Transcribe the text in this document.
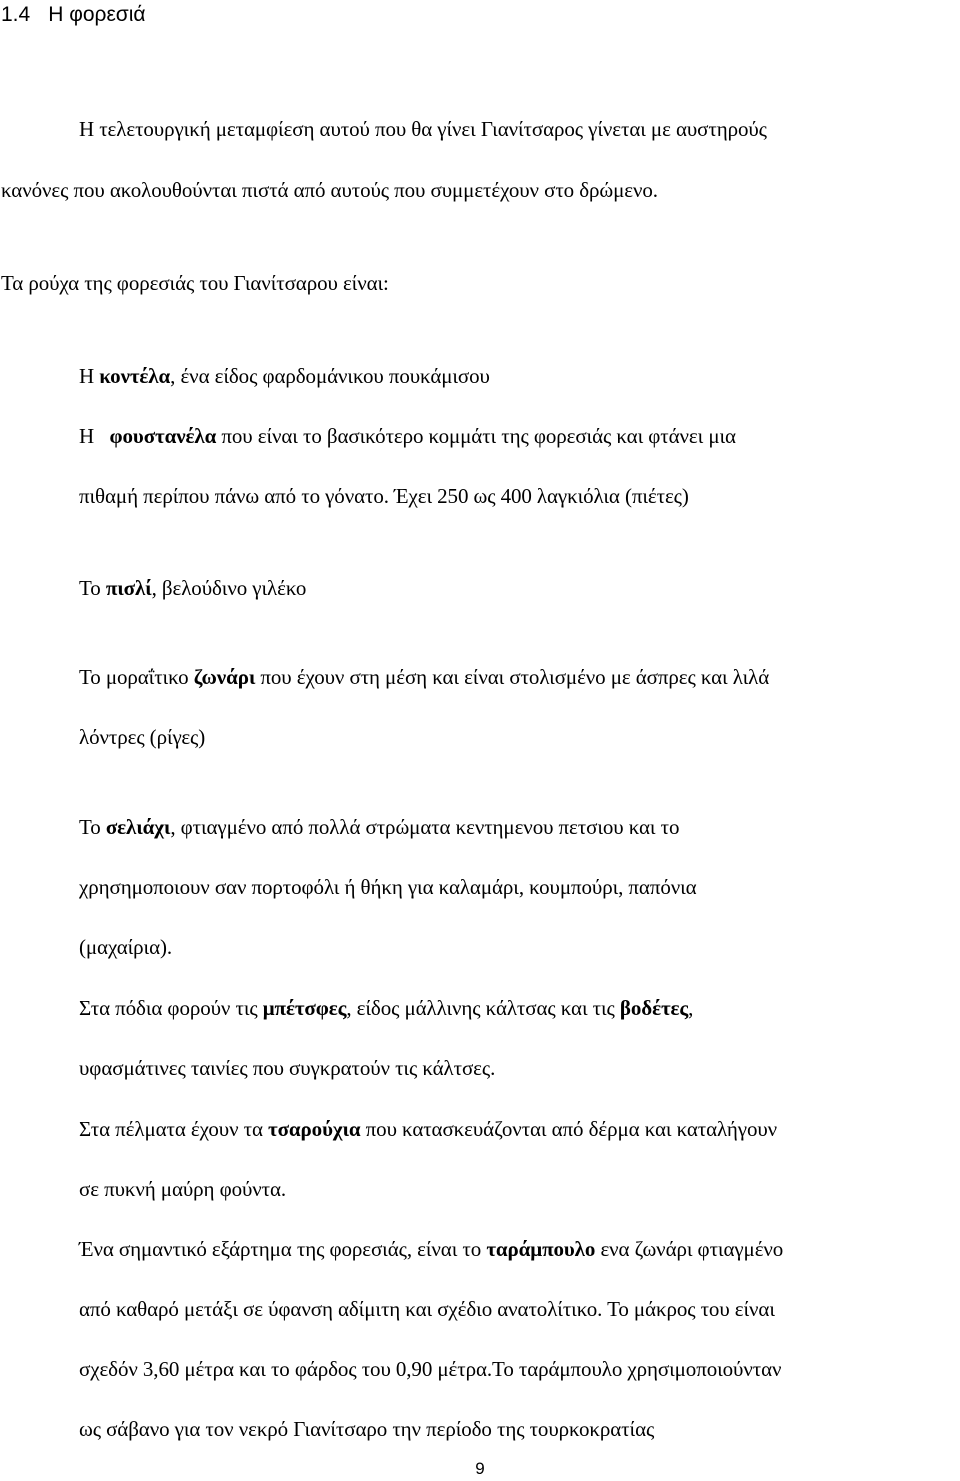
1.4 Η φορεσιά
Η τελετουργική μεταμφίεση αυτού που θα γίνει Γιανίτσαρος γίνεται με αυστηρούς
κανόνες που ακολουθούνται πιστά από αυτούς που συμμετέχουν στο δρώμενο.
Τα ρούχα της φορεσιάς του Γιανίτσαρου είναι:
Η κοντέλα, ένα είδος φαρδομάνικου πουκάμισου
Η   φουστανέλα που είναι το βασικότερο κομμάτι της φορεσιάς και φτάνει μια
πιθαμή περίπου πάνω από το γόνατο. Έχει 250 ως 400 λαγκιόλια (πιέτες)
Το πισλί, βελούδινο γιλέκο
Το μοραΐτικο ζωνάρι που έχουν στη μέση και είναι στολισμένο με άσπρες και λιλά
λόντρες (ρίγες)
Το σελιάχι, φτιαγμένο από πολλά στρώματα κεντημενου πετσιου και το
χρησημοποιουν σαν πορτοφόλι ή θήκη για καλαμάρι, κουμπούρι, παπόνια
(μαχαίρια).
Στα πόδια φορούν τις μπέτσφες, είδος μάλλινης κάλτσας και τις βοδέτες,
υφασμάτινες ταινίες που συγκρατούν τις κάλτσες.
Στα πέλματα έχουν τα τσαρούχια που κατασκευάζονται από δέρμα και καταλήγουν
σε πυκνή μαύρη φούντα.
Ένα σημαντικό εξάρτημα της φορεσιάς, είναι το ταράμπουλο ενα ζωνάρι φτιαγμένο
από καθαρό μετάξι σε ύφανση αδίμιτη και σχέδιο ανατολίτικο. Το μάκρος του είναι
σχεδόν 3,60 μέτρα και το φάρδος του 0,90 μέτρα.Το ταράμπουλο χρησιμοποιούνταν
ως σάβανο για τον νεκρό Γιανίτσαρο την περίοδο της τουρκοκρατίας
9
